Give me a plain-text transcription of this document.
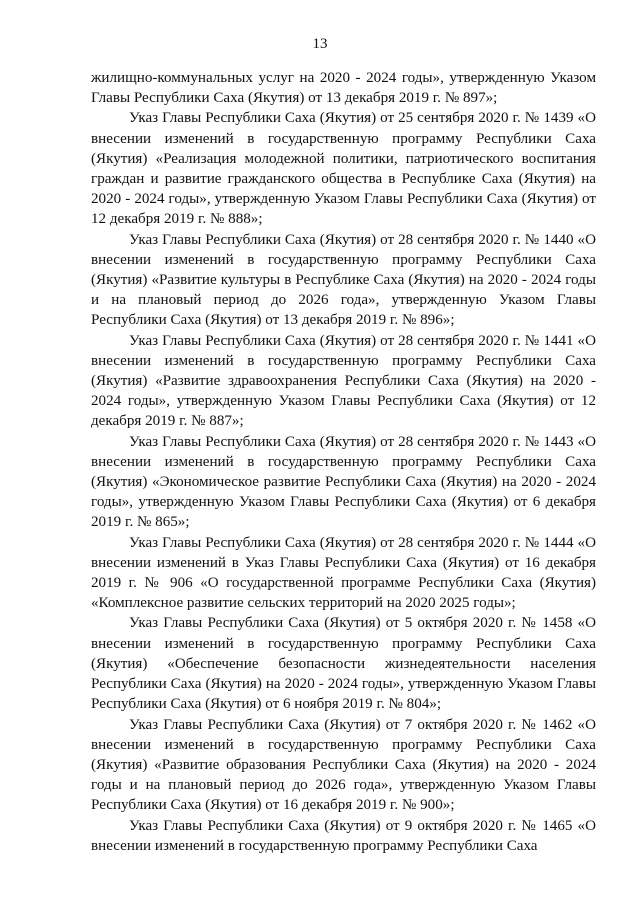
13

жилищно-коммунальных услуг на 2020 - 2024 годы», утвержденную Указом Главы Республики Саха (Якутия) от 13 декабря 2019 г. № 897»;

Указ Главы Республики Саха (Якутия) от 25 сентября 2020 г. № 1439 «О внесении изменений в государственную программу Республики Саха (Якутия) «Реализация молодежной политики, патриотического воспитания граждан и развитие гражданского общества в Республике Саха (Якутия) на 2020 - 2024 годы», утвержденную Указом Главы Республики Саха (Якутия) от 12 декабря 2019 г. № 888»;

Указ Главы Республики Саха (Якутия) от 28 сентября 2020 г. № 1440 «О внесении изменений в государственную программу Республики Саха (Якутия) «Развитие культуры в Республике Саха (Якутия) на 2020 - 2024 годы и на плановый период до 2026 года», утвержденную Указом Главы Республики Саха (Якутия) от 13 декабря 2019 г. № 896»;

Указ Главы Республики Саха (Якутия) от 28 сентября 2020 г. № 1441 «О внесении изменений в государственную программу Республики Саха (Якутия) «Развитие здравоохранения Республики Саха (Якутия) на 2020 - 2024 годы», утвержденную Указом Главы Республики Саха (Якутия) от 12 декабря 2019 г. № 887»;

Указ Главы Республики Саха (Якутия) от 28 сентября 2020 г. № 1443 «О внесении изменений в государственную программу Республики Саха (Якутия) «Экономическое развитие Республики Саха (Якутия) на 2020 - 2024 годы», утвержденную Указом Главы Республики Саха (Якутия) от 6 декабря 2019 г. № 865»;

Указ Главы Республики Саха (Якутия) от 28 сентября 2020 г. № 1444 «О внесении изменений в Указ Главы Республики Саха (Якутия) от 16 декабря 2019 г. № 906 «О государственной программе Республики Саха (Якутия) «Комплексное развитие сельских территорий на 2020 2025 годы»;

Указ Главы Республики Саха (Якутия) от 5 октября 2020 г. № 1458 «О внесении изменений в государственную программу Республики Саха (Якутия) «Обеспечение безопасности жизнедеятельности населения Республики Саха (Якутия) на 2020 - 2024 годы», утвержденную Указом Главы Республики Саха (Якутия) от 6 ноября 2019 г. № 804»;

Указ Главы Республики Саха (Якутия) от 7 октября 2020 г. № 1462 «О внесении изменений в государственную программу Республики Саха (Якутия) «Развитие образования Республики Саха (Якутия) на 2020 - 2024 годы и на плановый период до 2026 года», утвержденную Указом Главы Республики Саха (Якутия) от 16 декабря 2019 г. № 900»;

Указ Главы Республики Саха (Якутия) от 9 октября 2020 г. № 1465 «О внесении изменений в государственную программу Республики Саха
